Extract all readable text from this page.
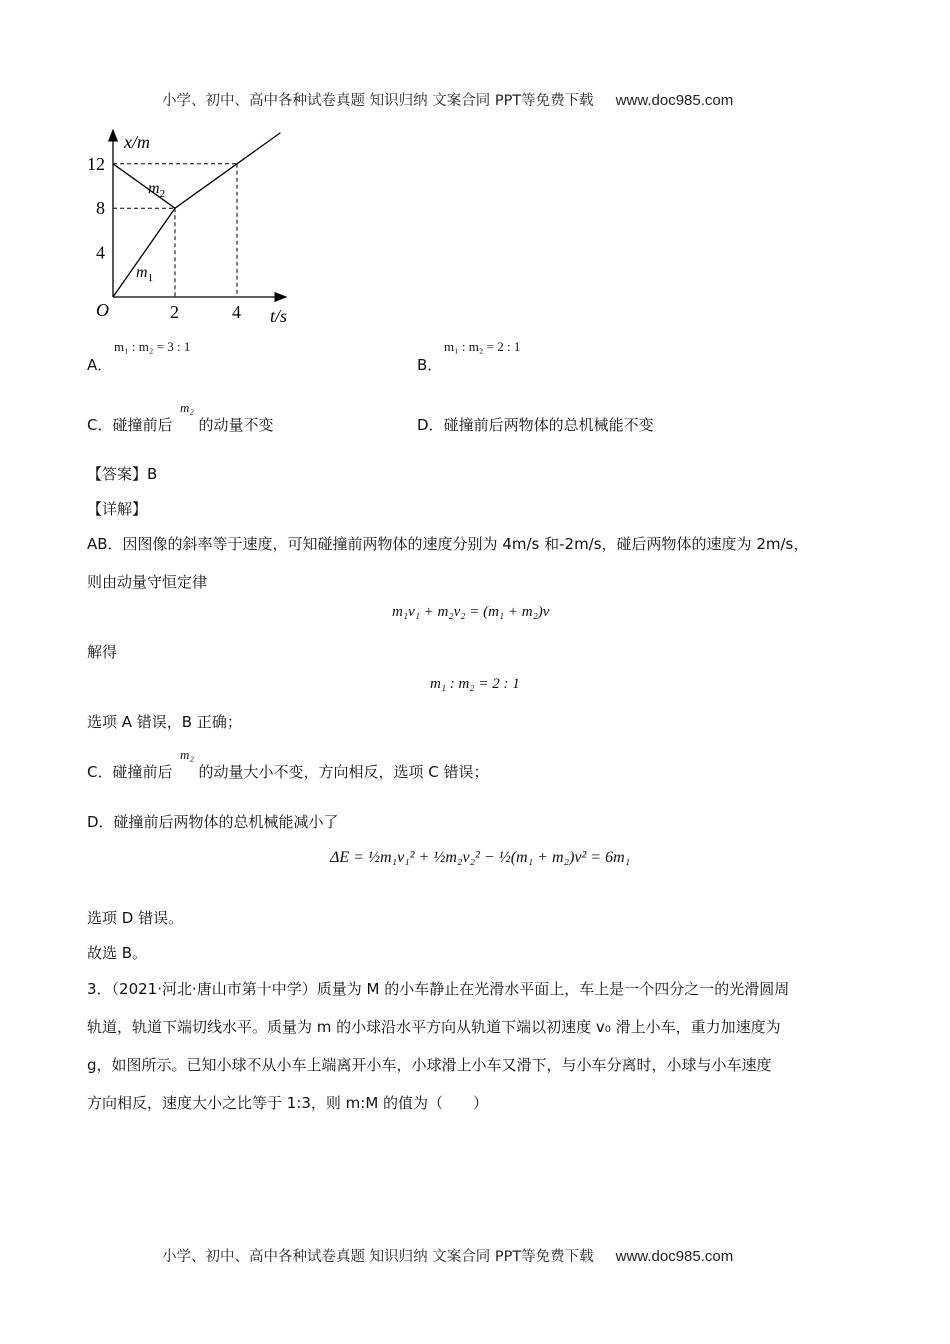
小学、初中、高中各种试卷真题 知识归纳 文案合同 PPT等免费下载 www.doc985.com
x/m
O	t/s
4
8
12
2	4
$m_2$
$m_1$
A．
m₁ : m₂ = 3 : 1
B．
m₁ : m₂ = 2 : 1
C．碰撞前后 的动量不变
m₂
D．碰撞前后两物体的总机械能不变
【答案】B
【详解】
AB．因图像的斜率等于速度，可知碰撞前两物体的速度分别为 4m/s 和-2m/s，碰后两物体的速度为 2m/s，
则由动量守恒定律
m₁v₁ + m₂v₂ = (m₁ + m₂)v
解得
m₁ : m₂ = 2 : 1
选项 A 错误，B 正确；
C．碰撞前后 的动量大小不变，方向相反，选项 C 错误；
m₂
D．碰撞前后两物体的总机械能减小了
ΔE = ½m₁v₁² + ½m₂v₂² − ½(m₁ + m₂)v² = 6m₁
选项 D 错误。
故选 B。
3．（2021·河北·唐山市第十中学）质量为 M 的小车静止在光滑水平面上，车上是一个四分之一的光滑圆周
轨道，轨道下端切线水平。质量为 m 的小球沿水平方向从轨道下端以初速度 v₀ 滑上小车，重力加速度为
g，如图所示。已知小球不从小车上端离开小车，小球滑上小车又滑下，与小车分离时，小球与小车速度
方向相反，速度大小之比等于 1:3，则 m:M 的值为（　　）
小学、初中、高中各种试卷真题 知识归纳 文案合同 PPT等免费下载 www.doc985.com
